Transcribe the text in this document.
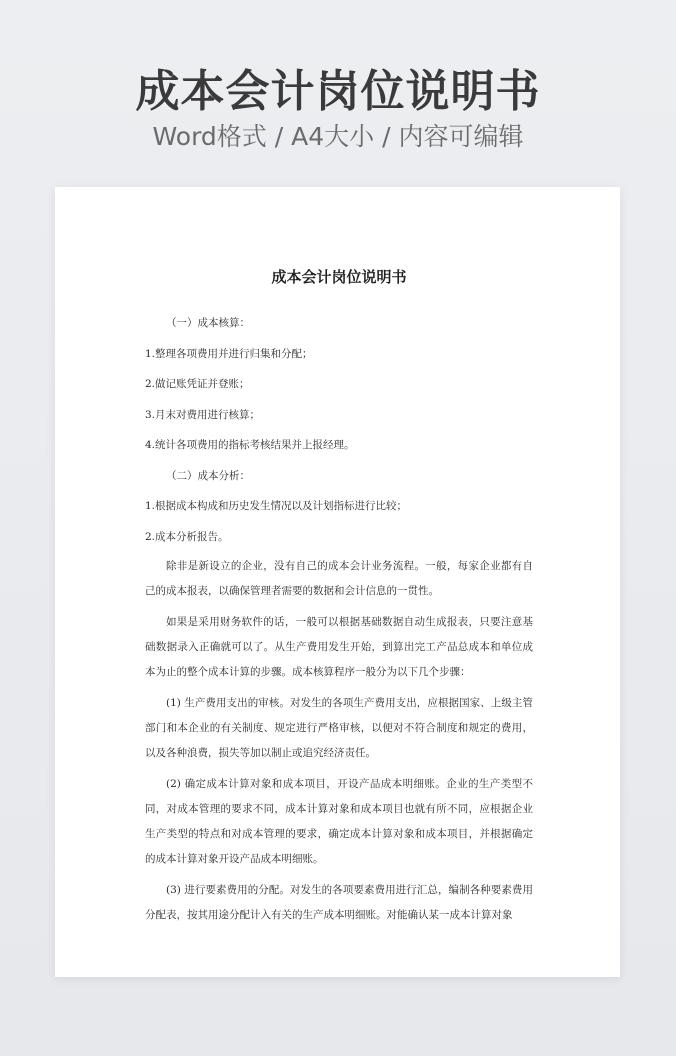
成本会计岗位说明书
Word格式 / A4大小 / 内容可编辑
成本会计岗位说明书

（一）成本核算：

1.整理各项费用并进行归集和分配；

2.做记账凭证并登账；

3.月末对费用进行核算；

4.统计各项费用的指标考核结果并上报经理。

（二）成本分析：

1.根据成本构成和历史发生情况以及计划指标进行比较；

2.成本分析报告。

除非是新设立的企业，没有自己的成本会计业务流程。一般，每家企业都有自己的成本报表，以确保管理者需要的数据和会计信息的一贯性。

如果是采用财务软件的话，一般可以根据基础数据自动生成报表，只要注意基础数据录入正确就可以了。从生产费用发生开始，到算出完工产品总成本和单位成本为止的整个成本计算的步骤。成本核算程序一般分为以下几个步骤：

(1) 生产费用支出的审核。对发生的各项生产费用支出，应根据国家、上级主管部门和本企业的有关制度、规定进行严格审核，以便对不符合制度和规定的费用，以及各种浪费，损失等加以制止或追究经济责任。

(2) 确定成本计算对象和成本项目，开设产品成本明细账。企业的生产类型不同，对成本管理的要求不同，成本计算对象和成本项目也就有所不同，应根据企业生产类型的特点和对成本管理的要求，确定成本计算对象和成本项目，并根据确定的成本计算对象开设产品成本明细账。

(3) 进行要素费用的分配。对发生的各项要素费用进行汇总，编制各种要素费用分配表，按其用途分配计入有关的生产成本明细账。对能确认某一成本计算对象
